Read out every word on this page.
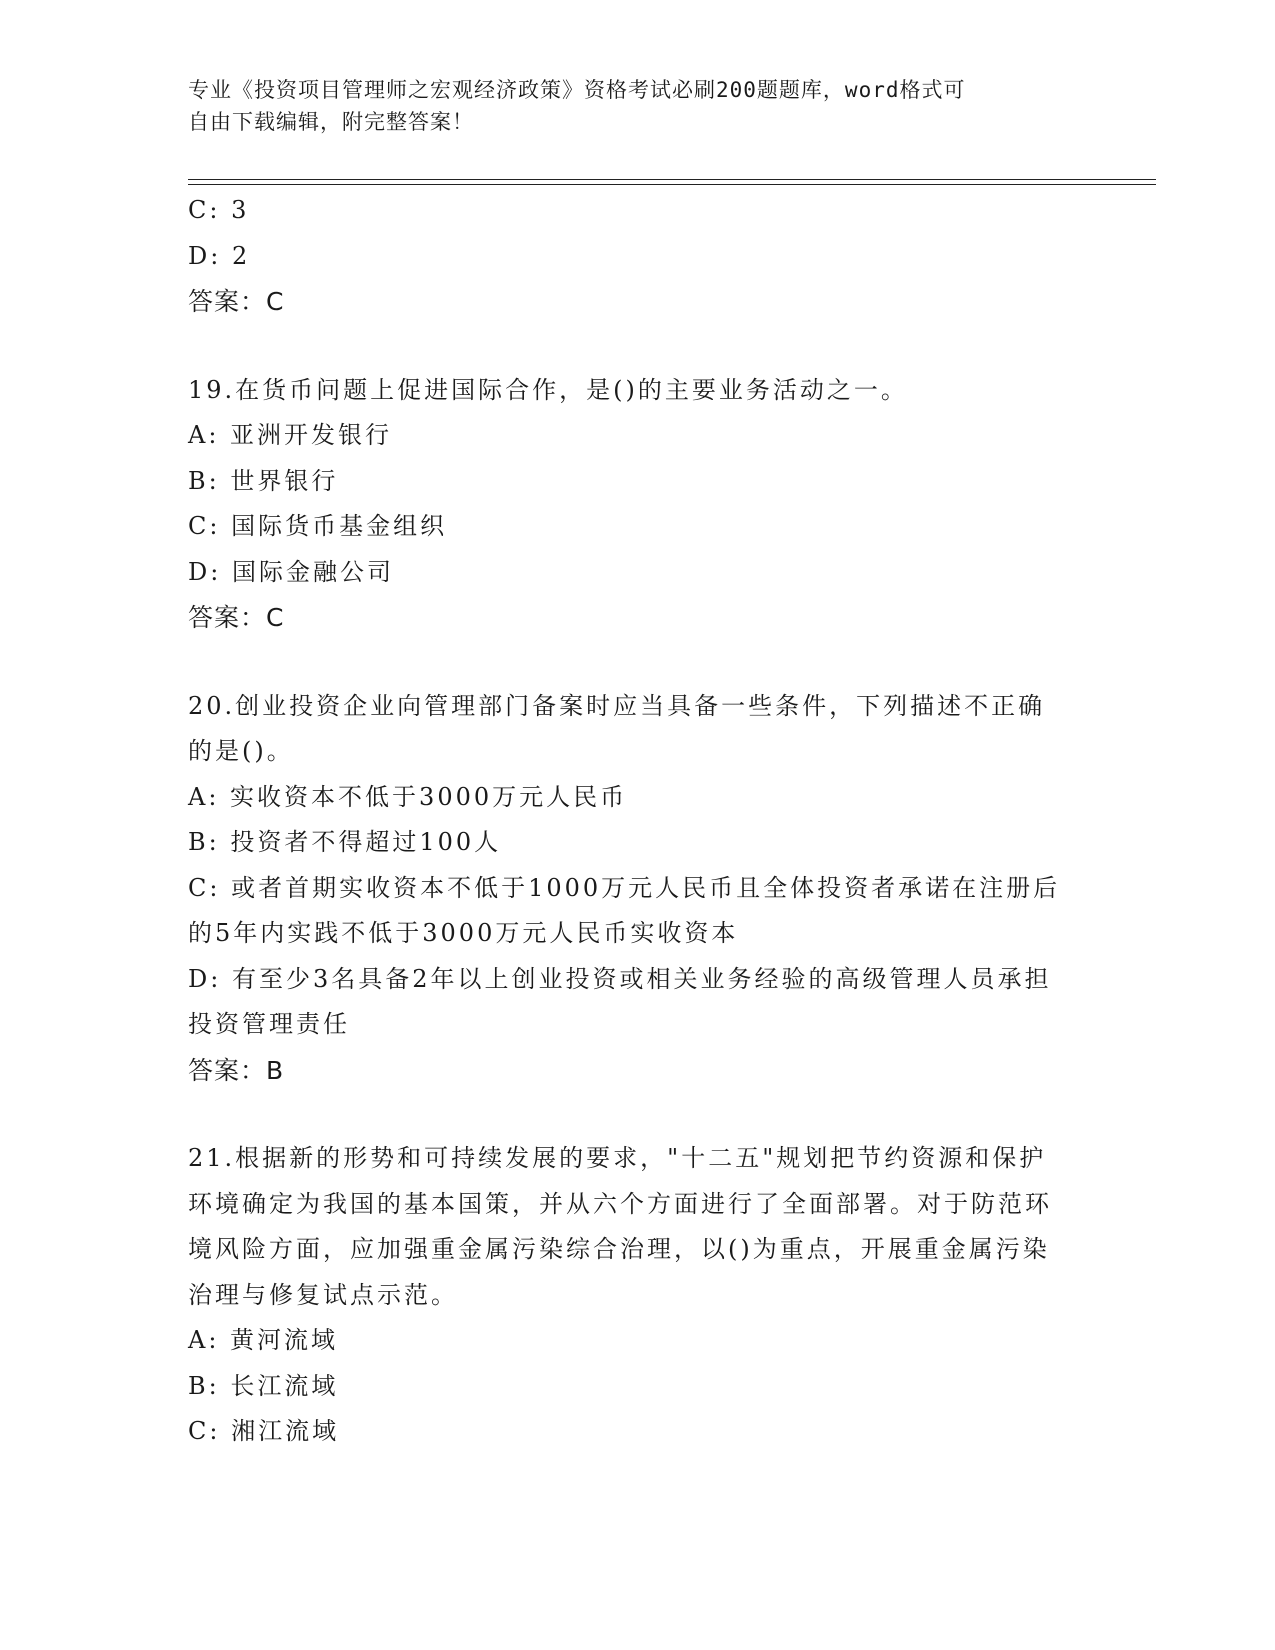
专业《投资项目管理师之宏观经济政策》资格考试必刷200题题库，word格式可
自由下载编辑，附完整答案！
C: 3
D: 2
答案：C
19.在货币问题上促进国际合作，是()的主要业务活动之一。
A: 亚洲开发银行
B: 世界银行
C: 国际货币基金组织
D: 国际金融公司
答案：C
20.创业投资企业向管理部门备案时应当具备一些条件，下列描述不正确的是()。
A: 实收资本不低于3000万元人民币
B: 投资者不得超过100人
C: 或者首期实收资本不低于1000万元人民币且全体投资者承诺在注册后的5年内实践不低于3000万元人民币实收资本
D: 有至少3名具备2年以上创业投资或相关业务经验的高级管理人员承担投资管理责任
答案：B
21.根据新的形势和可持续发展的要求，"十二五"规划把节约资源和保护环境确定为我国的基本国策，并从六个方面进行了全面部署。对于防范环境风险方面，应加强重金属污染综合治理，以()为重点，开展重金属污染治理与修复试点示范。
A: 黄河流域
B: 长江流域
C: 湘江流域
